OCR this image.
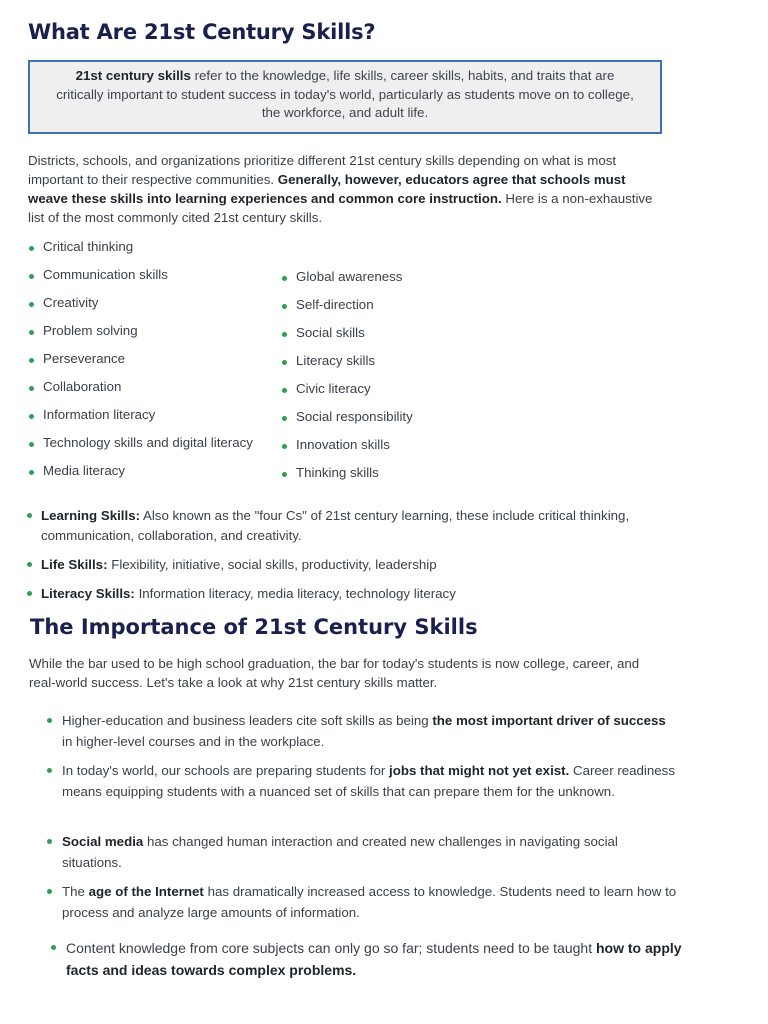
What Are 21st Century Skills?
21st century skills refer to the knowledge, life skills, career skills, habits, and traits that are critically important to student success in today's world, particularly as students move on to college, the workforce, and adult life.
Districts, schools, and organizations prioritize different 21st century skills depending on what is most important to their respective communities. Generally, however, educators agree that schools must weave these skills into learning experiences and common core instruction. Here is a non-exhaustive list of the most commonly cited 21st century skills.
Critical thinking
Communication skills
Creativity
Problem solving
Perseverance
Collaboration
Information literacy
Technology skills and digital literacy
Media literacy
Global awareness
Self-direction
Social skills
Literacy skills
Civic literacy
Social responsibility
Innovation skills
Thinking skills
Learning Skills: Also known as the "four Cs" of 21st century learning, these include critical thinking, communication, collaboration, and creativity.
Life Skills: Flexibility, initiative, social skills, productivity, leadership
Literacy Skills: Information literacy, media literacy, technology literacy
The Importance of 21st Century Skills
While the bar used to be high school graduation, the bar for today's students is now college, career, and real-world success. Let's take a look at why 21st century skills matter.
Higher-education and business leaders cite soft skills as being the most important driver of success in higher-level courses and in the workplace.
In today's world, our schools are preparing students for jobs that might not yet exist. Career readiness means equipping students with a nuanced set of skills that can prepare them for the unknown.
Social media has changed human interaction and created new challenges in navigating social situations.
The age of the Internet has dramatically increased access to knowledge. Students need to learn how to process and analyze large amounts of information.
Content knowledge from core subjects can only go so far; students need to be taught how to apply facts and ideas towards complex problems.
